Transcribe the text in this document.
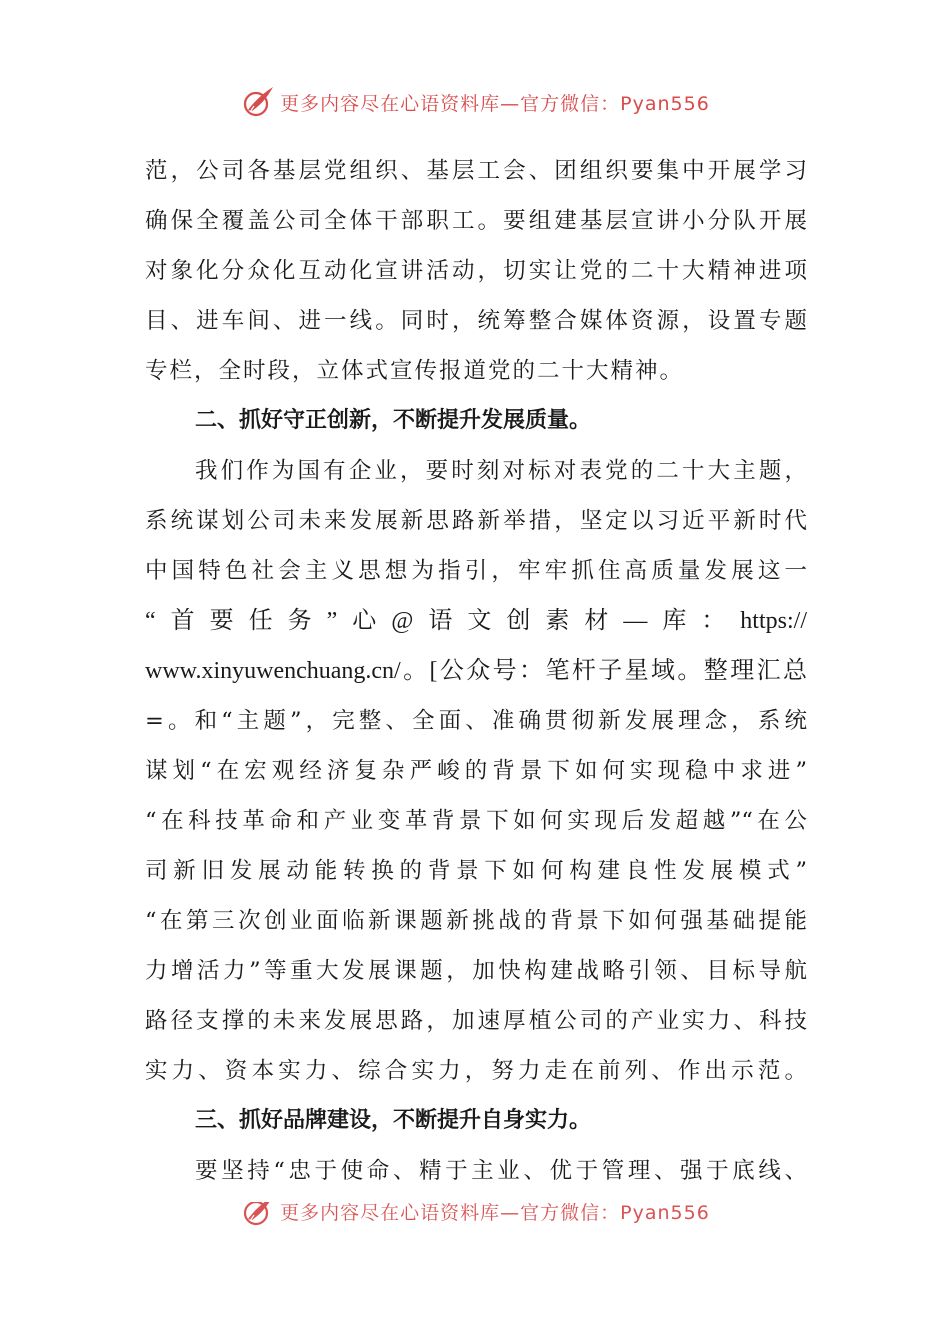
更多内容尽在心语资料库—官方微信：Pyan556
范，公司各基层党组织、基层工会、团组织要集中开展学习
确保全覆盖公司全体干部职工。要组建基层宣讲小分队开展
对象化分众化互动化宣讲活动，切实让党的二十大精神进项
目、进车间、进一线。同时，统筹整合媒体资源，设置专题
专栏，全时段，立体式宣传报道党的二十大精神。
二、抓好守正创新，不断提升发展质量。
我们作为国有企业，要时刻对标对表党的二十大主题，
系统谋划公司未来发展新思路新举措，坚定以习近平新时代
中国特色社会主义思想为指引，牢牢抓住高质量发展这一
“首要任务”心@语文创素材—库：https://
www.xinyuwenchuang.cn/。[公众号：笔杆子星域。整理汇总
=。和“主题”，完整、全面、准确贯彻新发展理念，系统
谋划“在宏观经济复杂严峻的背景下如何实现稳中求进”
“在科技革命和产业变革背景下如何实现后发超越”“在公
司新旧发展动能转换的背景下如何构建良性发展模式”
“在第三次创业面临新课题新挑战的背景下如何强基础提能
力增活力”等重大发展课题，加快构建战略引领、目标导航
路径支撑的未来发展思路，加速厚植公司的产业实力、科技
实力、资本实力、综合实力，努力走在前列、作出示范。
三、抓好品牌建设，不断提升自身实力。
要坚持“忠于使命、精于主业、优于管理、强于底线、
更多内容尽在心语资料库—官方微信：Pyan556
